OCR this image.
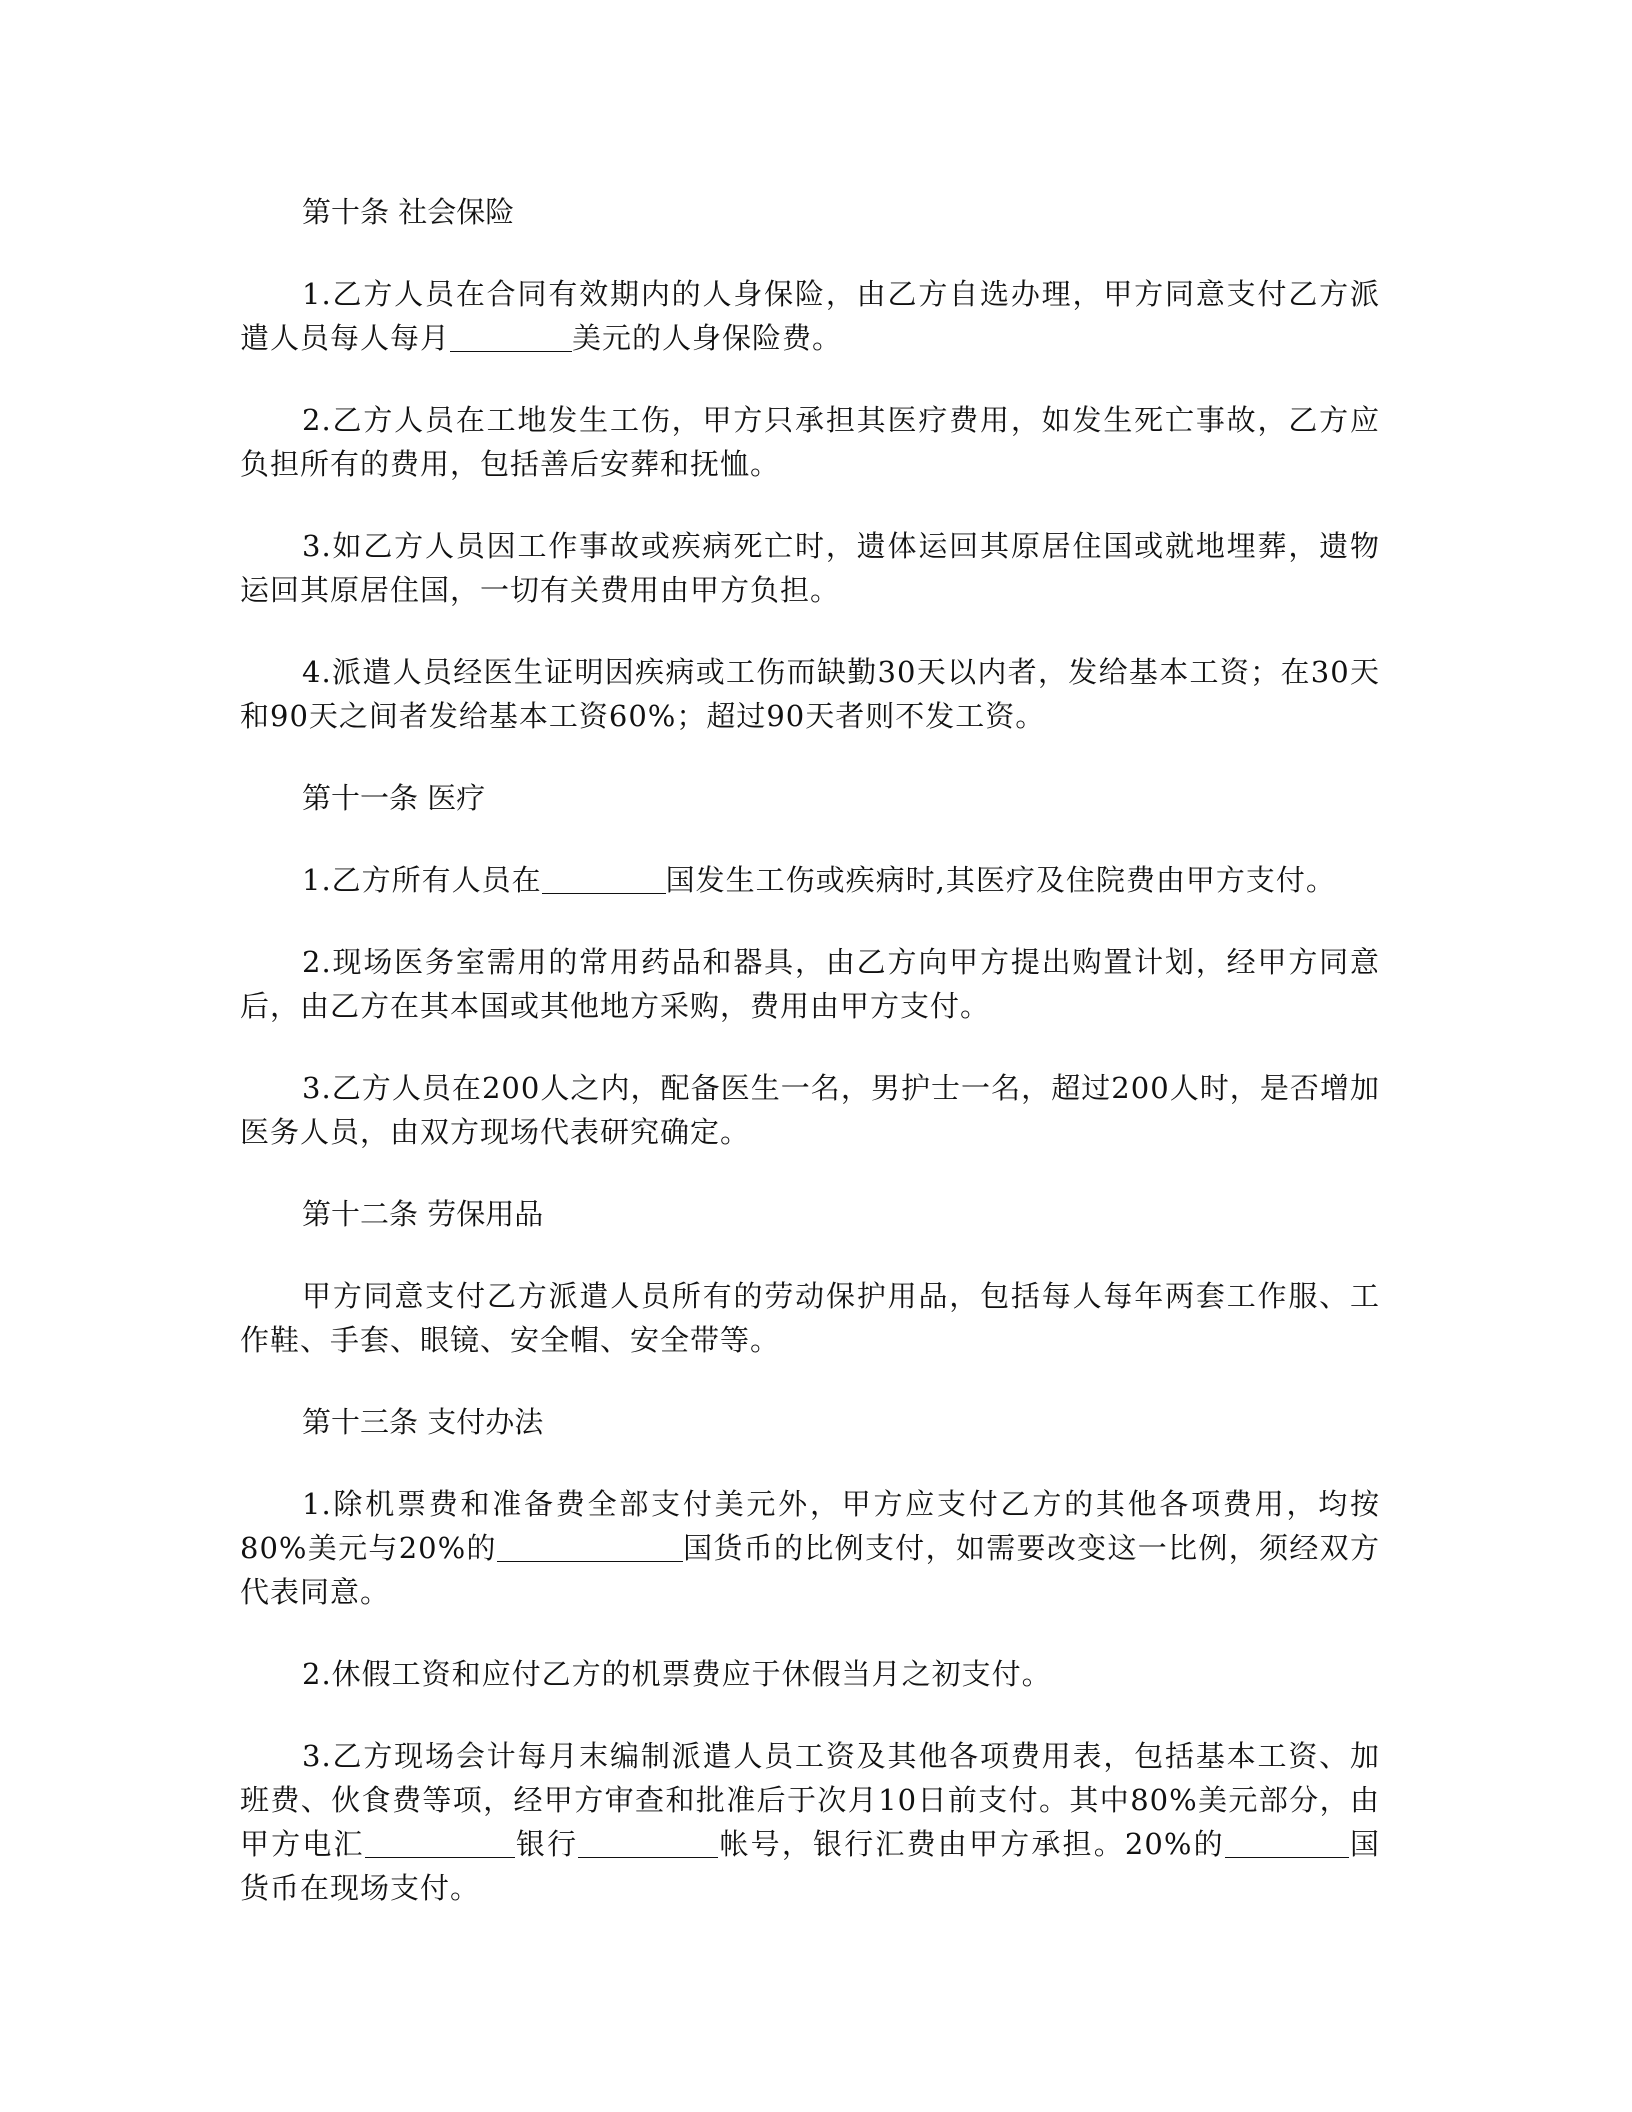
第十条 社会保险

1.乙方人员在合同有效期内的人身保险，由乙方自选办理，甲方同意支付乙方派遣人员每人每月	美元的人身保险费。

2.乙方人员在工地发生工伤，甲方只承担其医疗费用，如发生死亡事故，乙方应负担所有的费用，包括善后安葬和抚恤。

3.如乙方人员因工作事故或疾病死亡时，遗体运回其原居住国或就地埋葬，遗物运回其原居住国，一切有关费用由甲方负担。

4.派遣人员经医生证明因疾病或工伤而缺勤30天以内者，发给基本工资；在30天和90天之间者发给基本工资60%；超过90天者则不发工资。

第十一条 医疗

1.乙方所有人员在	国发生工伤或疾病时,其医疗及住院费由甲方支付。

2.现场医务室需用的常用药品和器具，由乙方向甲方提出购置计划，经甲方同意后，由乙方在其本国或其他地方采购，费用由甲方支付。

3.乙方人员在200人之内，配备医生一名，男护士一名，超过200人时，是否增加医务人员，由双方现场代表研究确定。

第十二条 劳保用品

甲方同意支付乙方派遣人员所有的劳动保护用品，包括每人每年两套工作服、工作鞋、手套、眼镜、安全帽、安全带等。

第十三条 支付办法

1.除机票费和准备费全部支付美元外，甲方应支付乙方的其他各项费用，均按80%美元与20%的	国货币的比例支付，如需要改变这一比例，须经双方代表同意。

2.休假工资和应付乙方的机票费应于休假当月之初支付。

3.乙方现场会计每月末编制派遣人员工资及其他各项费用表，包括基本工资、加班费、伙食费等项，经甲方审查和批准后于次月10日前支付。其中80%美元部分，由甲方电汇	银行	帐号，银行汇费由甲方承担。20%的	国货币在现场支付。
